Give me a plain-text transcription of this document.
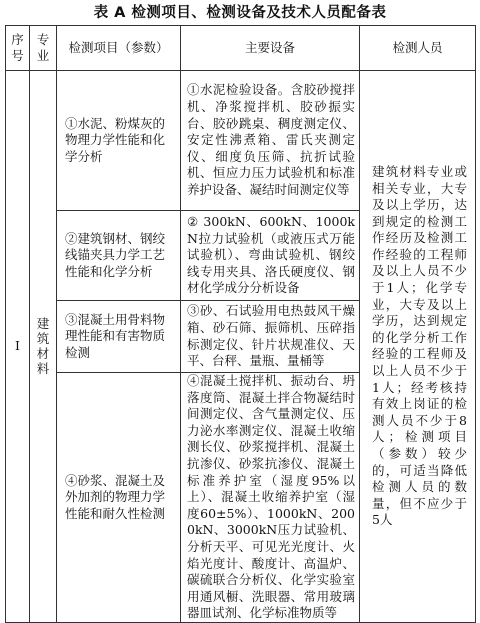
表 A 检测项目、检测设备及技术人员配备表
序号	专业	检测项目（参数）	主要设备	检测人员
Ⅰ	建筑材料	①水泥、粉煤灰的物理力学性能和化学分析	①水泥检验设备。含胶砂搅拌机、净浆搅拌机、胶砂振实台、胶砂跳桌、稠度测定仪、安定性沸煮箱、雷氏夹测定仪、细度负压筛、抗折试验机、恒应力压力试验机和标准养护设备、凝结时间测定仪等	建筑材料专业或相关专业，大专及以上学历，达到规定的检测工作经历及检测工作经验的工程师及以上人员不少于1人；化学专业，大专及以上学历，达到规定的化学分析工作经验的工程师及以上人员不少于1人；经考核持有效上岗证的检测人员不少于8人；检测项目（参数）较少的，可适当降低检测人员的数量，但不应少于5人
		②建筑钢材、钢绞线锚夹具力学工艺性能和化学分析	② 300kN、600kN、1000kN拉力试验机（或液压式万能试验机）、弯曲试验机、钢绞线专用夹具、洛氏硬度仪、钢材化学成分分析设备	
		③混凝土用骨料物理性能和有害物质检测	③砂、石试验用电热鼓风干燥箱、砂石筛、振筛机、压碎指标测定仪、针片状规准仪、天平、台秤、量瓶、量桶等	
		④砂浆、混凝土及外加剂的物理力学性能和耐久性检测	④混凝土搅拌机、振动台、坍落度筒、混凝土拌合物凝结时间测定仪、含气量测定仪、压力泌水率测定仪、混凝土收缩测长仪、砂浆搅拌机、混凝土抗渗仪、砂浆抗渗仪、混凝土标准养护室（湿度95%以上）、混凝土收缩养护室（湿度60±5%）、1000kN、2000kN、3000kN压力试验机、分析天平、可见光光度计、火焰光度计、酸度计、高温炉、碳硫联合分析仪、化学实验室用通风橱、洗眼器、常用玻璃器皿试剂、化学标准物质等	
